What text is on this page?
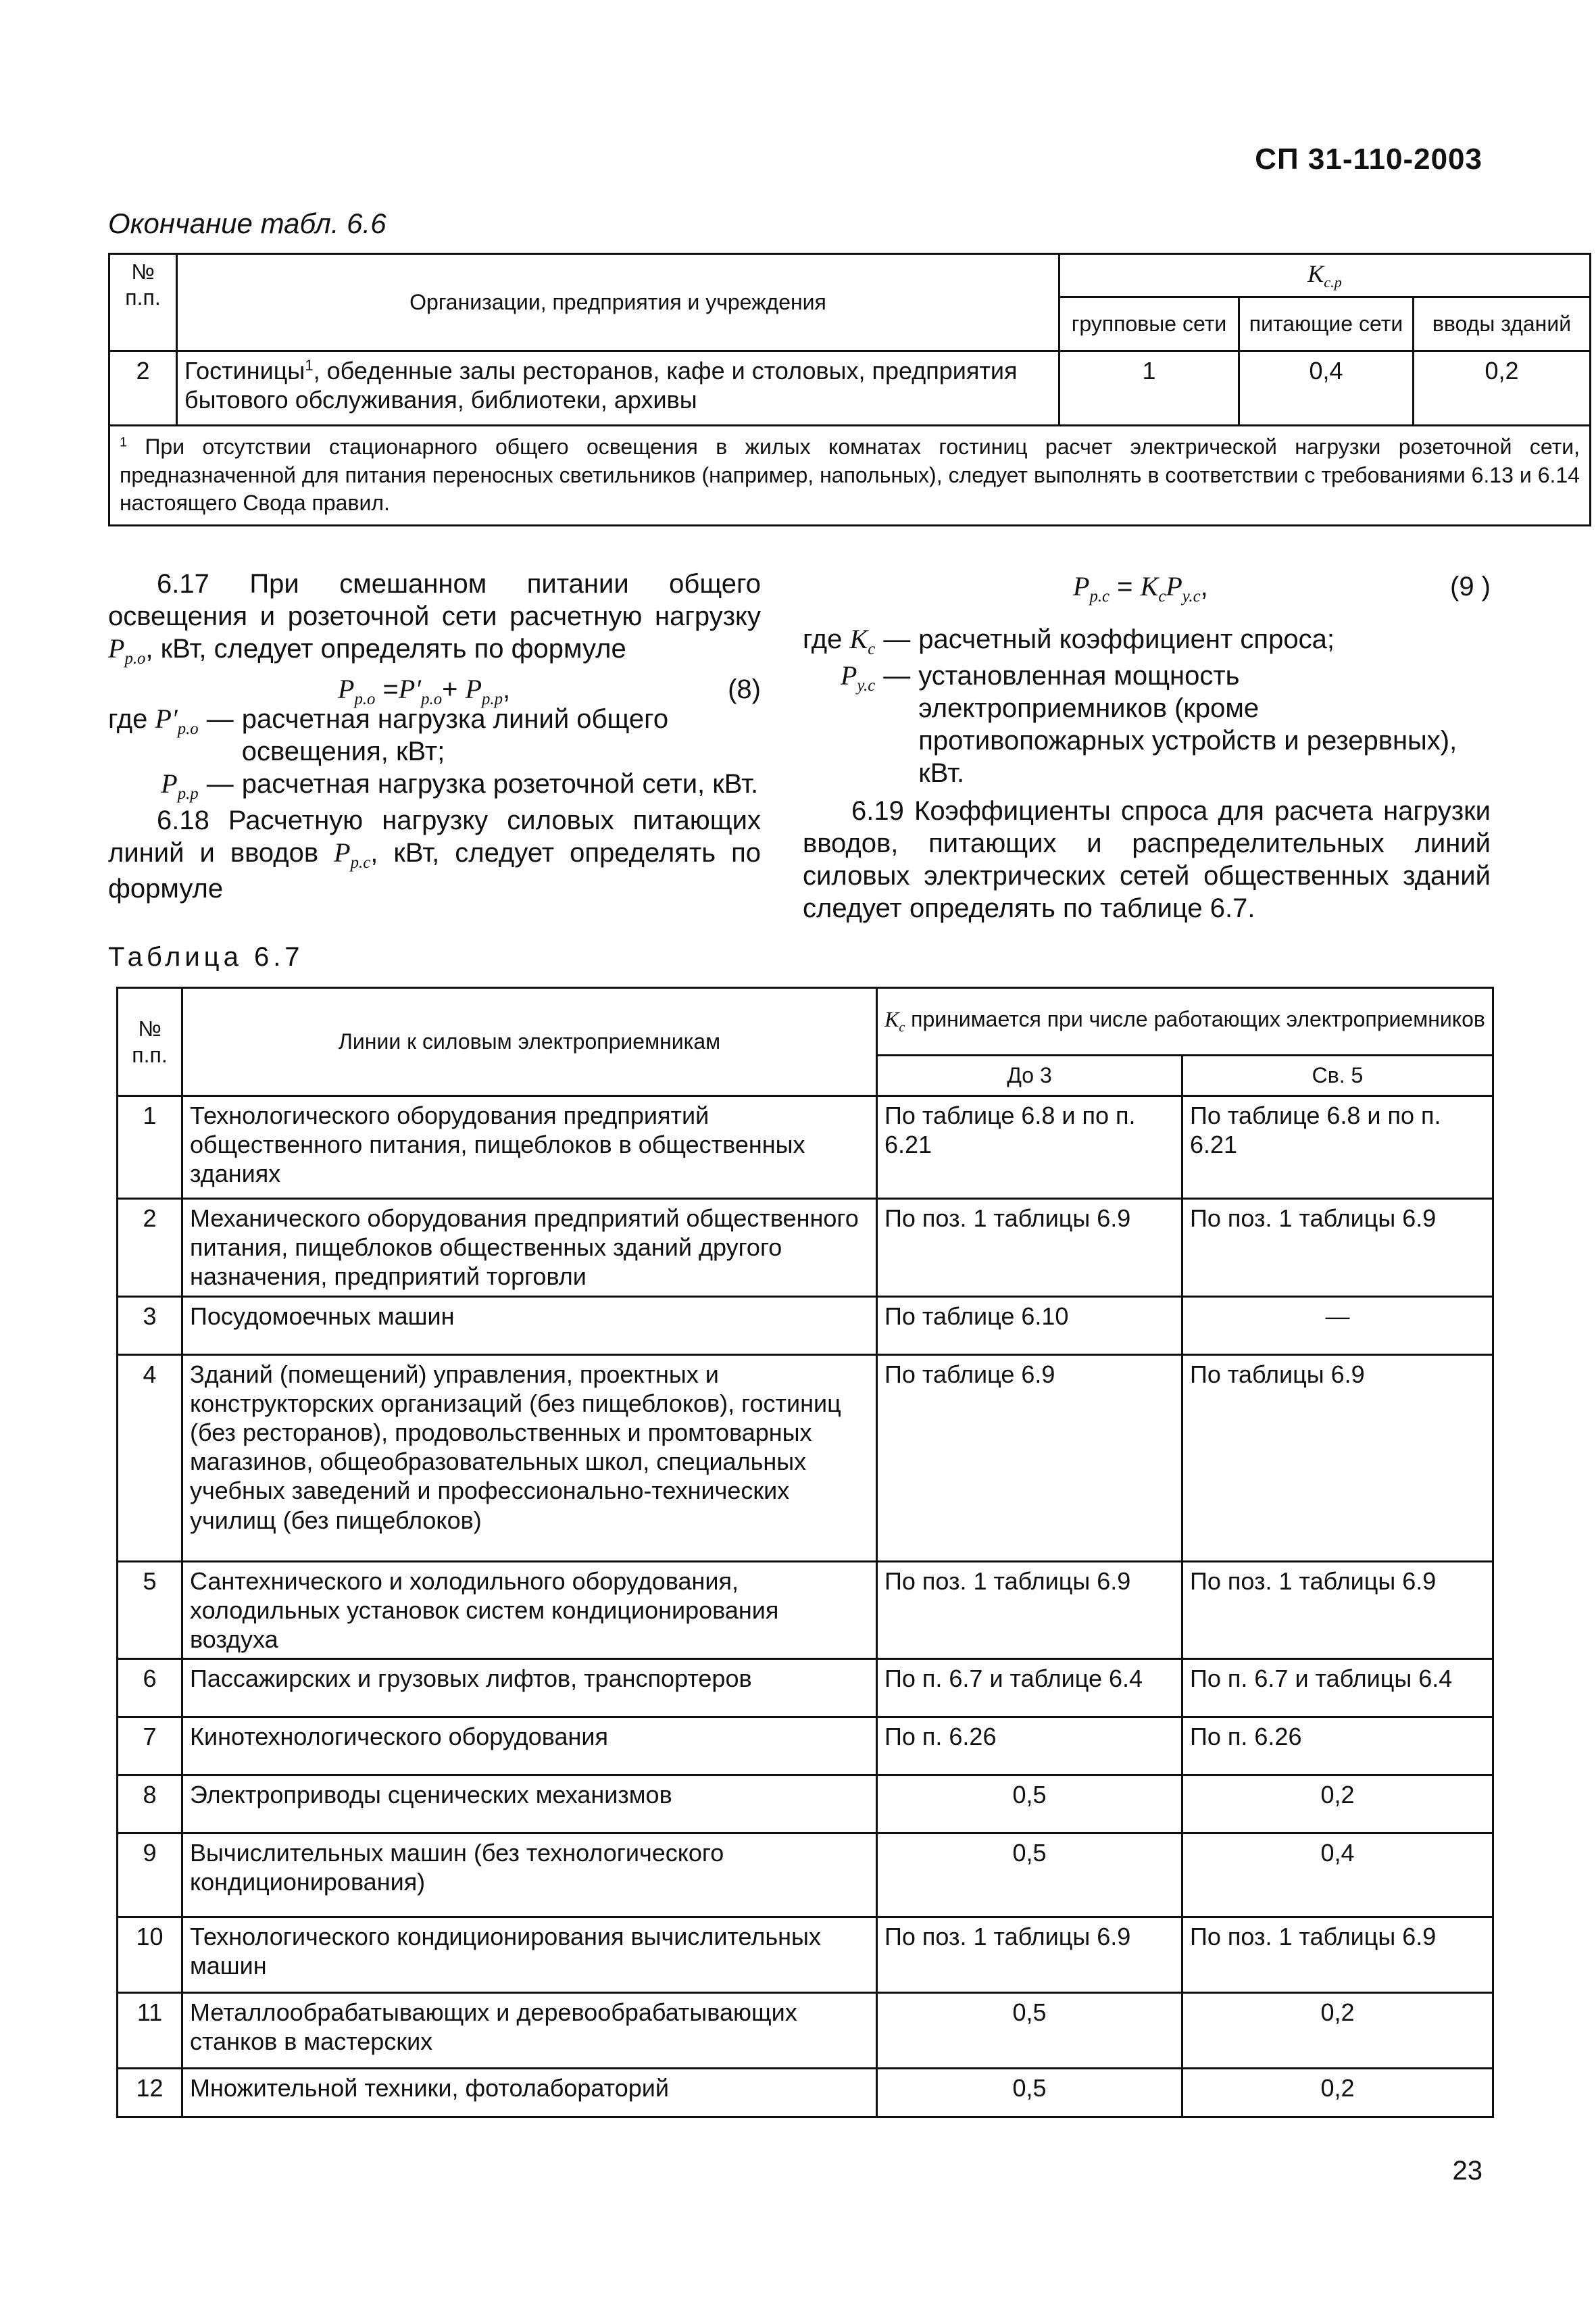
СП 31-110-2003
Окончание табл. 6.6
№ п.п.	Организации, предприятия и учреждения	$K_{c.p}$
		групповые сети	питающие сети	вводы зданий
2	Гостиницы$^1$, обеденные залы ресторанов, кафе и столовых, предприятия бытового обслуживания, библиотеки, архивы	1	0,4	0,2
$^1$ При отсутствии стационарного общего освещения в жилых комнатах гостиниц расчет электрической нагрузки розеточной сети, предназначенной для питания переносных светильников (например, напольных), следует выполнять в соответствии с требованиями 6.13 и 6.14 настоящего Свода правил.				

6.17 При смешанном питании общего освещения и розеточной сети расчетную нагрузку $P_{p.o}$, кВт, следует определять по формуле

$P_{p.o} =P'_{p.o}+ P_{p.p}$,	(8)
где $P'_{p.o}$ — расчетная нагрузка линий общего освещения, кВт;
$P_{p.p}$ — расчетная нагрузка розеточной сети, кВт.

6.18 Расчетную нагрузку силовых питающих линий и вводов $P_{p.c}$, кВт, следует определять по формуле

$P_{p.c} = K_cP_{y.c}$,	(9 )
где $K_c$ — расчетный коэффициент спроса;
$P_{y.c}$ — установленная мощность электроприемников (кроме противопожарных устройств и резервных), кВт.

6.19 Коэффициенты спроса для расчета нагрузки вводов, питающих и распределительных линий силовых электрических сетей общественных зданий следует определять по таблице 6.7.

Таблица 6.7
№ п.п.	Линии к силовым электроприемникам	$K_c$ принимается при числе работающих электроприемников	
		До 3	Св. 5
1	Технологического оборудования предприятий общественного питания, пищеблоков в общественных зданиях	По таблице 6.8 и по п. 6.21	По таблице 6.8 и по п. 6.21
2	Механического оборудования предприятий общественного питания, пищеблоков общественных зданий другого назначения, предприятий торговли	По поз. 1 таблицы 6.9	По поз. 1 таблицы 6.9
3	Посудомоечных машин	По таблице 6.10	—
4	Зданий (помещений) управления, проектных и конструкторских организаций (без пищеблоков), гостиниц (без ресторанов), продовольственных и промтоварных магазинов, общеобразовательных школ, специальных учебных заведений и профессионально-технических училищ (без пищеблоков)	По таблице 6.9	По таблицы 6.9
5	Сантехнического и холодильного оборудования, холодильных установок систем кондиционирования воздуха	По поз. 1 таблицы 6.9	По поз. 1 таблицы 6.9
6	Пассажирских и грузовых лифтов, транспортеров	По п. 6.7 и таблице 6.4	По п. 6.7 и таблицы 6.4
7	Кинотехнологического оборудования	По п. 6.26	По п. 6.26
8	Электроприводы сценических механизмов	0,5	0,2
9	Вычислительных машин (без технологического кондиционирования)	0,5	0,4
10	Технологического кондиционирования вычислительных машин	По поз. 1 таблицы 6.9	По поз. 1 таблицы 6.9
11	Металлообрабатывающих и деревообрабатывающих станков в мастерских	0,5	0,2
12	Множительной техники, фотолабораторий	0,5	0,2
23
